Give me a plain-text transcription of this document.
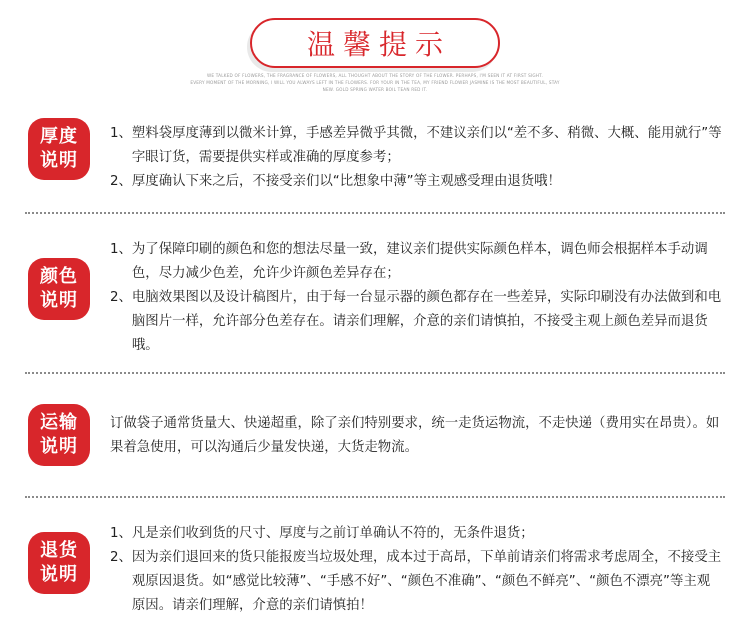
温馨提示
WE TALKED OF FLOWERS, THE FRAGRANCE OF FLOWERS, ALL THOUGHT ABOUT THE STORY OF THE FLOWER. PERHAPS, I'M SEEN IT AT FIRST SIGHT.
EVERY MOMENT OF THE MORNING, I WILL YOU ALWAYS LEFT IN THE FLOWERS. FOR YOUR IN THE TEA, MY FRIEND FLOWER JASMINE IS THE MOST BEAUTIFUL, STAY
NEW. GOLD SPRING WATER BOIL TEAN RED IT.
厚度
说明
1、 塑料袋厚度薄到以微米计算，手感差异微乎其微，不建议亲们以“差不多、稍微、大概、能用就行”等字眼订货，需要提供实样或准确的厚度参考；
2、 厚度确认下来之后，不接受亲们以“比想象中薄”等主观感受理由退货哦！
颜色
说明
1、 为了保障印刷的颜色和您的想法尽量一致，建议亲们提供实际颜色样本，调色师会根据样本手动调色，尽力减少色差，允许少许颜色差异存在；
2、 电脑效果图以及设计稿图片，由于每一台显示器的颜色都存在一些差异，实际印刷没有办法做到和电脑图片一样，允许部分色差存在。请亲们理解，介意的亲们请慎拍，不接受主观上颜色差异而退货哦。
运输
说明
订做袋子通常货量大、快递超重，除了亲们特别要求，统一走货运物流，不走快递（费用实在昂贵）。如果着急使用，可以沟通后少量发快递，大货走物流。
退货
说明
1、 凡是亲们收到货的尺寸、厚度与之前订单确认不符的，无条件退货；
2、 因为亲们退回来的货只能报废当垃圾处理，成本过于高昂，下单前请亲们将需求考虑周全，不接受主观原因退货。如“感觉比较薄”、“手感不好”、“颜色不准确”、“颜色不鲜亮”、“颜色不漂亮”等主观原因。请亲们理解，介意的亲们请慎拍！
